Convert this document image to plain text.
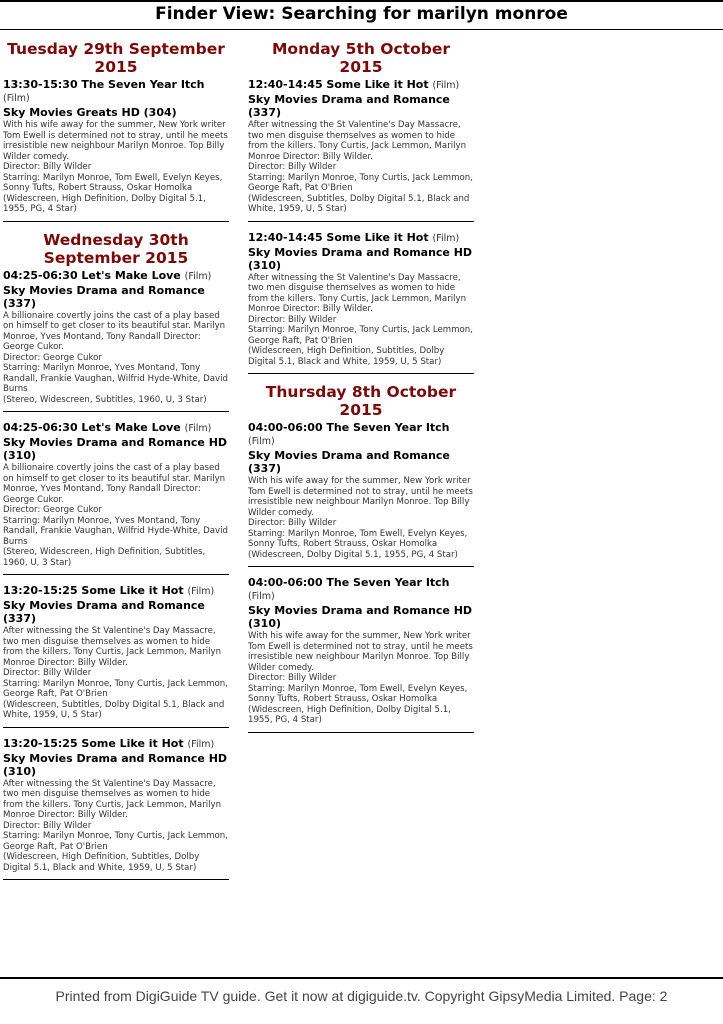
Finder View: Searching for marilyn monroe
Tuesday 29th September 2015
13:30-15:30 The Seven Year Itch (Film)
Sky Movies Greats HD (304)
With his wife away for the summer, New York writer Tom Ewell is determined not to stray, until he meets irresistible new neighbour Marilyn Monroe. Top Billy Wilder comedy.
Director: Billy Wilder
Starring: Marilyn Monroe, Tom Ewell, Evelyn Keyes, Sonny Tufts, Robert Strauss, Oskar Homolka
(Widescreen, High Definition, Dolby Digital 5.1, 1955, PG, 4 Star)
Wednesday 30th September 2015
04:25-06:30 Let's Make Love (Film)
Sky Movies Drama and Romance (337)
A billionaire covertly joins the cast of a play based on himself to get closer to its beautiful star. Marilyn Monroe, Yves Montand, Tony Randall Director: George Cukor.
Director: George Cukor
Starring: Marilyn Monroe, Yves Montand, Tony Randall, Frankie Vaughan, Wilfrid Hyde-White, David Burns
(Stereo, Widescreen, Subtitles, 1960, U, 3 Star)
04:25-06:30 Let's Make Love (Film)
Sky Movies Drama and Romance HD (310)
A billionaire covertly joins the cast of a play based on himself to get closer to its beautiful star. Marilyn Monroe, Yves Montand, Tony Randall Director: George Cukor.
Director: George Cukor
Starring: Marilyn Monroe, Yves Montand, Tony Randall, Frankie Vaughan, Wilfrid Hyde-White, David Burns
(Stereo, Widescreen, High Definition, Subtitles, 1960, U, 3 Star)
13:20-15:25 Some Like it Hot (Film)
Sky Movies Drama and Romance (337)
After witnessing the St Valentine's Day Massacre, two men disguise themselves as women to hide from the killers. Tony Curtis, Jack Lemmon, Marilyn Monroe Director: Billy Wilder.
Director: Billy Wilder
Starring: Marilyn Monroe, Tony Curtis, Jack Lemmon, George Raft, Pat O'Brien
(Widescreen, Subtitles, Dolby Digital 5.1, Black and White, 1959, U, 5 Star)
13:20-15:25 Some Like it Hot (Film)
Sky Movies Drama and Romance HD (310)
After witnessing the St Valentine's Day Massacre, two men disguise themselves as women to hide from the killers. Tony Curtis, Jack Lemmon, Marilyn Monroe Director: Billy Wilder.
Director: Billy Wilder
Starring: Marilyn Monroe, Tony Curtis, Jack Lemmon, George Raft, Pat O'Brien
(Widescreen, High Definition, Subtitles, Dolby Digital 5.1, Black and White, 1959, U, 5 Star)
Monday 5th October 2015
12:40-14:45 Some Like it Hot (Film)
Sky Movies Drama and Romance (337)
After witnessing the St Valentine's Day Massacre, two men disguise themselves as women to hide from the killers. Tony Curtis, Jack Lemmon, Marilyn Monroe Director: Billy Wilder.
Director: Billy Wilder
Starring: Marilyn Monroe, Tony Curtis, Jack Lemmon, George Raft, Pat O'Brien
(Widescreen, Subtitles, Dolby Digital 5.1, Black and White, 1959, U, 5 Star)
12:40-14:45 Some Like it Hot (Film)
Sky Movies Drama and Romance HD (310)
After witnessing the St Valentine's Day Massacre, two men disguise themselves as women to hide from the killers. Tony Curtis, Jack Lemmon, Marilyn Monroe Director: Billy Wilder.
Director: Billy Wilder
Starring: Marilyn Monroe, Tony Curtis, Jack Lemmon, George Raft, Pat O'Brien
(Widescreen, High Definition, Subtitles, Dolby Digital 5.1, Black and White, 1959, U, 5 Star)
Thursday 8th October 2015
04:00-06:00 The Seven Year Itch (Film)
Sky Movies Drama and Romance (337)
With his wife away for the summer, New York writer Tom Ewell is determined not to stray, until he meets irresistible new neighbour Marilyn Monroe. Top Billy Wilder comedy.
Director: Billy Wilder
Starring: Marilyn Monroe, Tom Ewell, Evelyn Keyes, Sonny Tufts, Robert Strauss, Oskar Homolka
(Widescreen, Dolby Digital 5.1, 1955, PG, 4 Star)
04:00-06:00 The Seven Year Itch (Film)
Sky Movies Drama and Romance HD (310)
With his wife away for the summer, New York writer Tom Ewell is determined not to stray, until he meets irresistible new neighbour Marilyn Monroe. Top Billy Wilder comedy.
Director: Billy Wilder
Starring: Marilyn Monroe, Tom Ewell, Evelyn Keyes, Sonny Tufts, Robert Strauss, Oskar Homolka
(Widescreen, High Definition, Dolby Digital 5.1, 1955, PG, 4 Star)
Printed from DigiGuide TV guide. Get it now at digiguide.tv. Copyright GipsyMedia Limited. Page: 2
